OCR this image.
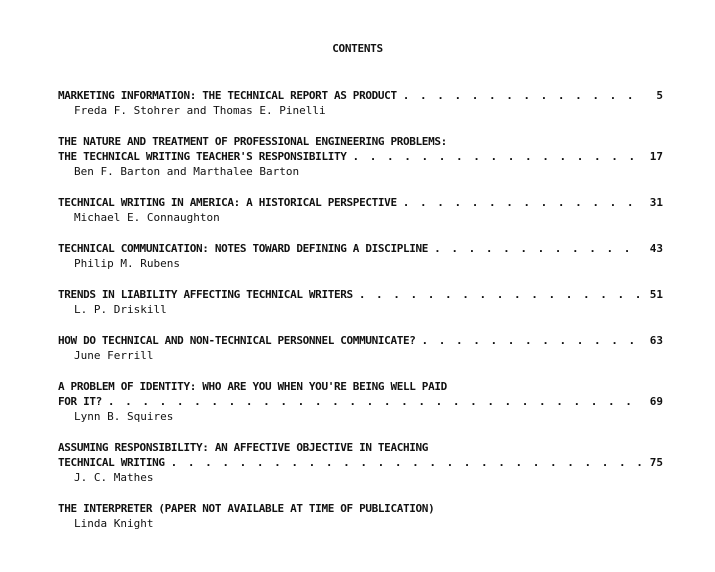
CONTENTS
MARKETING INFORMATION: THE TECHNICAL REPORT AS PRODUCT . . .	5
Freda F. Stohrer and Thomas E. Pinelli
THE NATURE AND TREATMENT OF PROFESSIONAL ENGINEERING PROBLEMS:
THE TECHNICAL WRITING TEACHER'S RESPONSIBILITY . . .	17
Ben F. Barton and Marthalee Barton
TECHNICAL WRITING IN AMERICA: A HISTORICAL PERSPECTIVE . . .	31
Michael E. Connaughton
TECHNICAL COMMUNICATION: NOTES TOWARD DEFINING A DISCIPLINE . . .	43
Philip M. Rubens
TRENDS IN LIABILITY AFFECTING TECHNICAL WRITERS . . .	51
L. P. Driskill
HOW DO TECHNICAL AND NON-TECHNICAL PERSONNEL COMMUNICATE? . . .	63
June Ferrill
A PROBLEM OF IDENTITY: WHO ARE YOU WHEN YOU'RE BEING WELL PAID
FOR IT? . . .	69
Lynn B. Squires
ASSUMING RESPONSIBILITY: AN AFFECTIVE OBJECTIVE IN TEACHING
TECHNICAL WRITING . . .	75
J. C. Mathes
THE INTERPRETER (PAPER NOT AVAILABLE AT TIME OF PUBLICATION)
Linda Knight
